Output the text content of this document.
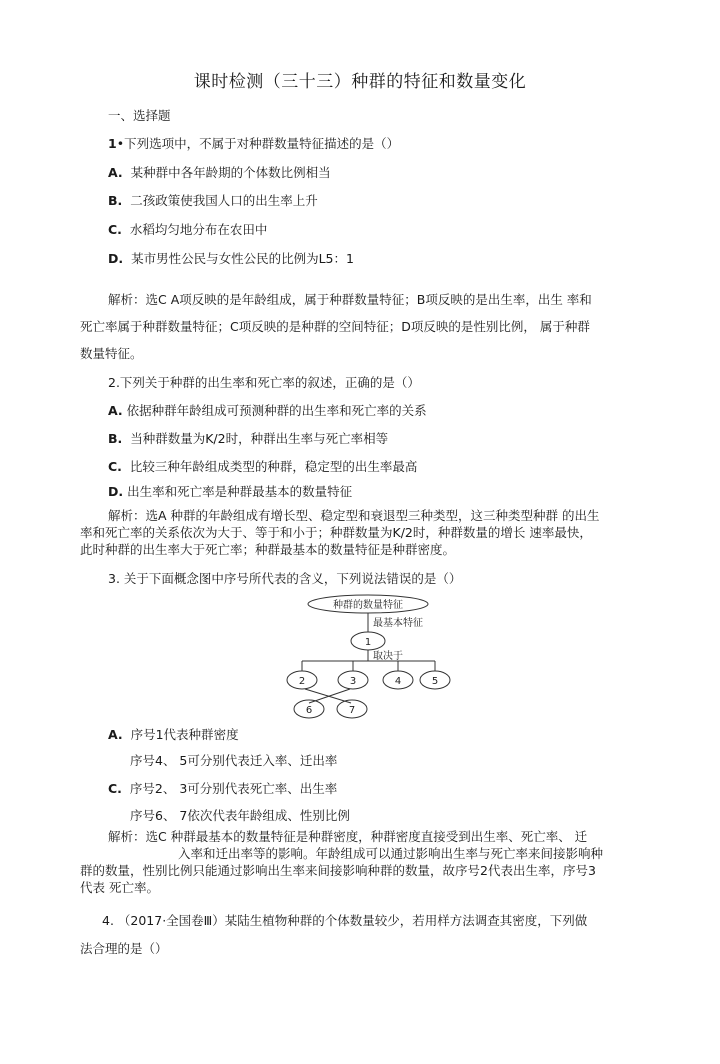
课时检测（三十三）种群的特征和数量变化
一、选择题
1•下列选项中，不属于对种群数量特征描述的是（）
A. 某种群中各年龄期的个体数比例相当
B. 二孩政策使我国人口的出生率上升
C. 水稻均匀地分布在农田中
D. 某市男性公民与女性公民的比例为L5：1
解析：选C A项反映的是年龄组成，属于种群数量特征；B项反映的是出生率，出生 率和
死亡率属于种群数量特征；C项反映的是种群的空间特征；D项反映的是性别比例， 属于种群
数量特征。
2.下列关于种群的出生率和死亡率的叙述，正确的是（）
A. 依据种群年龄组成可预测种群的出生率和死亡率的关系
B. 当种群数量为K/2时，种群出生率与死亡率相等
C. 比较三种年龄组成类型的种群，稳定型的出生率最高
D. 出生率和死亡率是种群最基本的数量特征
解析：选A 种群的年龄组成有增长型、稳定型和衰退型三种类型，这三种类型种群 的出生
率和死亡率的关系依次为大于、等于和小于；种群数量为K/2时，种群数量的增长 速率最快，
此时种群的出生率大于死亡率；种群最基本的数量特征是种群密度。
3. 关于下面概念图中序号所代表的含义，下列说法错误的是（）
种群的数量特征
最基本特征
取决于
1
2	3	4	5
6	7
A. 序号1代表种群密度
序号4、 5可分别代表迁入率、迁出率
C. 序号2、 3可分别代表死亡率、出生率
序号6、 7依次代表年龄组成、性别比例
解析：选C 种群最基本的数量特征是种群密度，种群密度直接受到出生率、死亡率、 迁
入率和迁出率等的影响。年龄组成可以通过影响出生率与死亡率来间接影响种
群的数量，性别比例只能通过影响出生率来间接影响种群的数量，故序号2代表出生率，序号3
代表 死亡率。
4. （2017·全国卷Ⅲ）某陆生植物种群的个体数量较少，若用样方法调查其密度，下列做
法合理的是（）
